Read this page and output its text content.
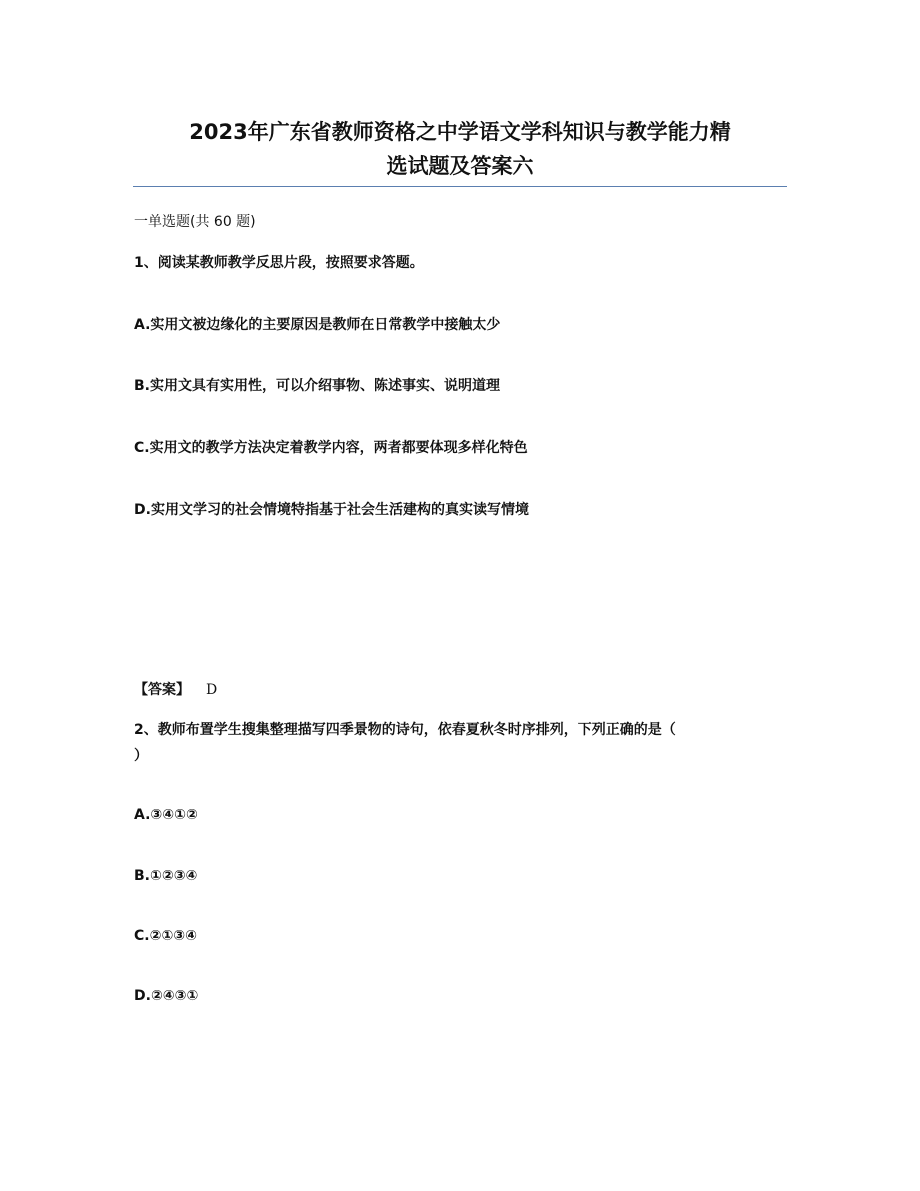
2023年广东省教师资格之中学语文学科知识与教学能力精
选试题及答案六
一单选题(共 60 题)
1、阅读某教师教学反思片段，按照要求答题。
A.实用文被边缘化的主要原因是教师在日常教学中接触太少
B.实用文具有实用性，可以介绍事物、陈述事实、说明道理
C.实用文的教学方法决定着教学内容，两者都要体现多样化特色
D.实用文学习的社会情境特指基于社会生活建构的真实读写情境
【答案】 D
2、教师布置学生搜集整理描写四季景物的诗句，依春夏秋冬时序排列，下列正确的是（
）
A.③④①②
B.①②③④
C.②①③④
D.②④③①
